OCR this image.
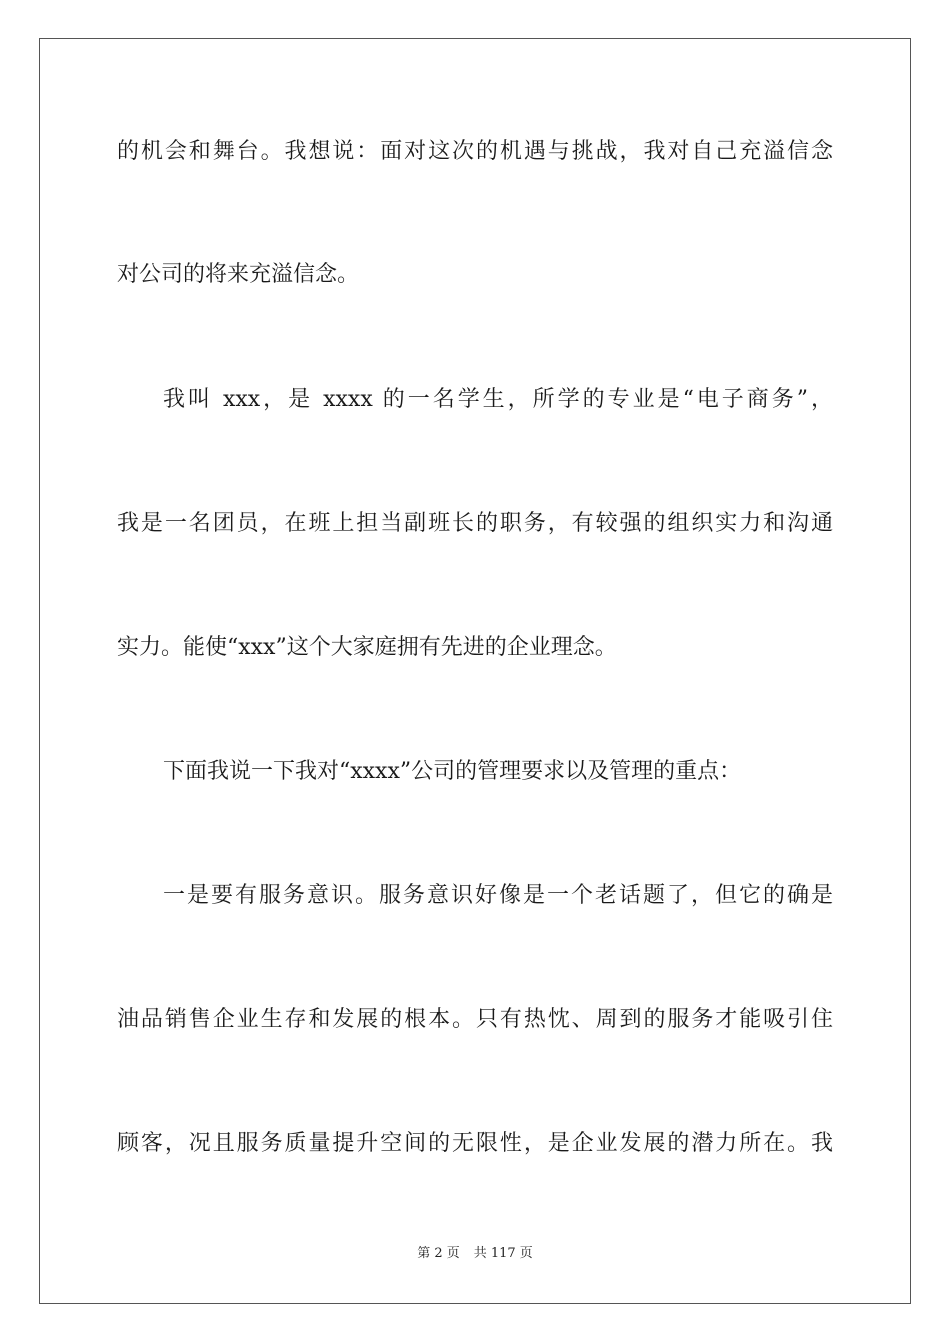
的机会和舞台。我想说：面对这次的机遇与挑战，我对自己充溢信念
对公司的将来充溢信念。
我叫 xxx，是 xxxx 的一名学生，所学的专业是“电子商务”，
我是一名团员，在班上担当副班长的职务，有较强的组织实力和沟通
实力。能使“xxx”这个大家庭拥有先进的企业理念。
下面我说一下我对“xxxx”公司的管理要求以及管理的重点：
一是要有服务意识。服务意识好像是一个老话题了，但它的确是
油品销售企业生存和发展的根本。只有热忱、周到的服务才能吸引住
顾客，况且服务质量提升空间的无限性，是企业发展的潜力所在。我
第 2 页 共 117 页
